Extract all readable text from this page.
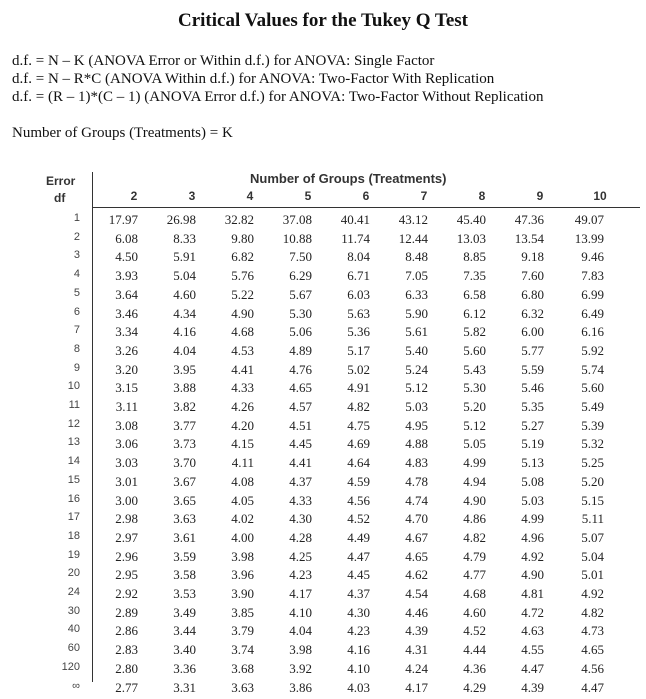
Critical Values for the Tukey Q Test
d.f. = N – K (ANOVA Error or Within d.f.) for ANOVA: Single Factor
d.f. = N – R*C (ANOVA Within d.f.) for ANOVA: Two-Factor With Replication
d.f. = (R – 1)*(C – 1) (ANOVA Error d.f.) for ANOVA: Two-Factor Without Replication
Number of Groups (Treatments) = K
Error
df
Number of Groups (Treatments)
2	3	4	5	6	7	8	9	10
1	17.97	26.98	32.82	37.08	40.41	43.12	45.40	47.36	49.07
2	6.08	8.33	9.80	10.88	11.74	12.44	13.03	13.54	13.99
3	4.50	5.91	6.82	7.50	8.04	8.48	8.85	9.18	9.46
4	3.93	5.04	5.76	6.29	6.71	7.05	7.35	7.60	7.83
5	3.64	4.60	5.22	5.67	6.03	6.33	6.58	6.80	6.99
6	3.46	4.34	4.90	5.30	5.63	5.90	6.12	6.32	6.49
7	3.34	4.16	4.68	5.06	5.36	5.61	5.82	6.00	6.16
8	3.26	4.04	4.53	4.89	5.17	5.40	5.60	5.77	5.92
9	3.20	3.95	4.41	4.76	5.02	5.24	5.43	5.59	5.74
10	3.15	3.88	4.33	4.65	4.91	5.12	5.30	5.46	5.60
11	3.11	3.82	4.26	4.57	4.82	5.03	5.20	5.35	5.49
12	3.08	3.77	4.20	4.51	4.75	4.95	5.12	5.27	5.39
13	3.06	3.73	4.15	4.45	4.69	4.88	5.05	5.19	5.32
14	3.03	3.70	4.11	4.41	4.64	4.83	4.99	5.13	5.25
15	3.01	3.67	4.08	4.37	4.59	4.78	4.94	5.08	5.20
16	3.00	3.65	4.05	4.33	4.56	4.74	4.90	5.03	5.15
17	2.98	3.63	4.02	4.30	4.52	4.70	4.86	4.99	5.11
18	2.97	3.61	4.00	4.28	4.49	4.67	4.82	4.96	5.07
19	2.96	3.59	3.98	4.25	4.47	4.65	4.79	4.92	5.04
20	2.95	3.58	3.96	4.23	4.45	4.62	4.77	4.90	5.01
24	2.92	3.53	3.90	4.17	4.37	4.54	4.68	4.81	4.92
30	2.89	3.49	3.85	4.10	4.30	4.46	4.60	4.72	4.82
40	2.86	3.44	3.79	4.04	4.23	4.39	4.52	4.63	4.73
60	2.83	3.40	3.74	3.98	4.16	4.31	4.44	4.55	4.65
120	2.80	3.36	3.68	3.92	4.10	4.24	4.36	4.47	4.56
∞	2.77	3.31	3.63	3.86	4.03	4.17	4.29	4.39	4.47
